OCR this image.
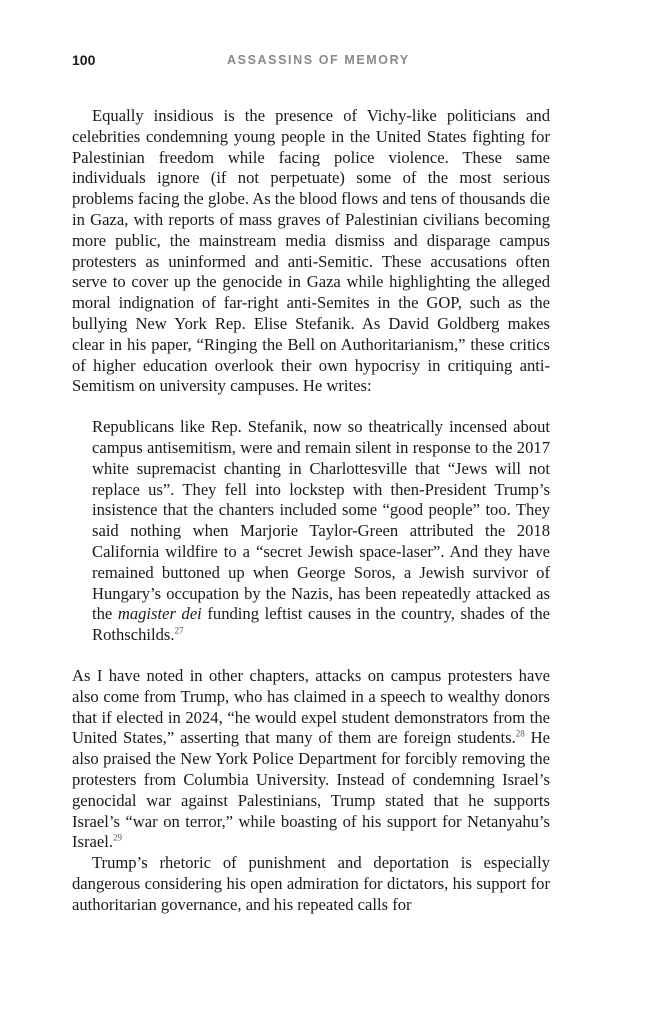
100	ASSASSINS OF MEMORY

Equally insidious is the presence of Vichy-like politicians and celebrities condemning young people in the United States fighting for Palestinian freedom while facing police violence. These same individuals ignore (if not perpetuate) some of the most serious problems facing the globe. As the blood flows and tens of thousands die in Gaza, with reports of mass graves of Palestinian civilians becoming more public, the mainstream media dismiss and disparage campus protesters as uninformed and anti-Semitic. These accusations often serve to cover up the genocide in Gaza while highlighting the alleged moral indignation of far-right anti-Semites in the GOP, such as the bullying New York Rep. Elise Stefanik. As David Goldberg makes clear in his paper, “Ringing the Bell on Authoritarianism,” these critics of higher education overlook their own hypocrisy in critiquing anti-Semitism on university campuses. He writes:

Republicans like Rep. Stefanik, now so theatrically incensed about campus antisemitism, were and remain silent in response to the 2017 white supremacist chanting in Charlottesville that “Jews will not replace us”. They fell into lockstep with then-President Trump’s insistence that the chanters included some “good people” too. They said nothing when Marjorie Taylor-Green attributed the 2018 California wildfire to a “secret Jewish space-laser”. And they have remained buttoned up when George Soros, a Jewish survivor of Hungary’s occupation by the Nazis, has been repeatedly attacked as the magister dei funding leftist causes in the country, shades of the Rothschilds.$^{27}$

As I have noted in other chapters, attacks on campus protesters have also come from Trump, who has claimed in a speech to wealthy donors that if elected in 2024, “he would expel student demonstrators from the United States,” asserting that many of them are foreign students.$^{28}$ He also praised the New York Police Department for forcibly removing the protesters from Columbia University. Instead of condemning Israel’s genocidal war against Palestinians, Trump stated that he supports Israel’s “war on terror,” while boasting of his support for Netanyahu’s Israel.$^{29}$

Trump’s rhetoric of punishment and deportation is especially dangerous considering his open admiration for dictators, his support for authoritarian governance, and his repeated calls for
